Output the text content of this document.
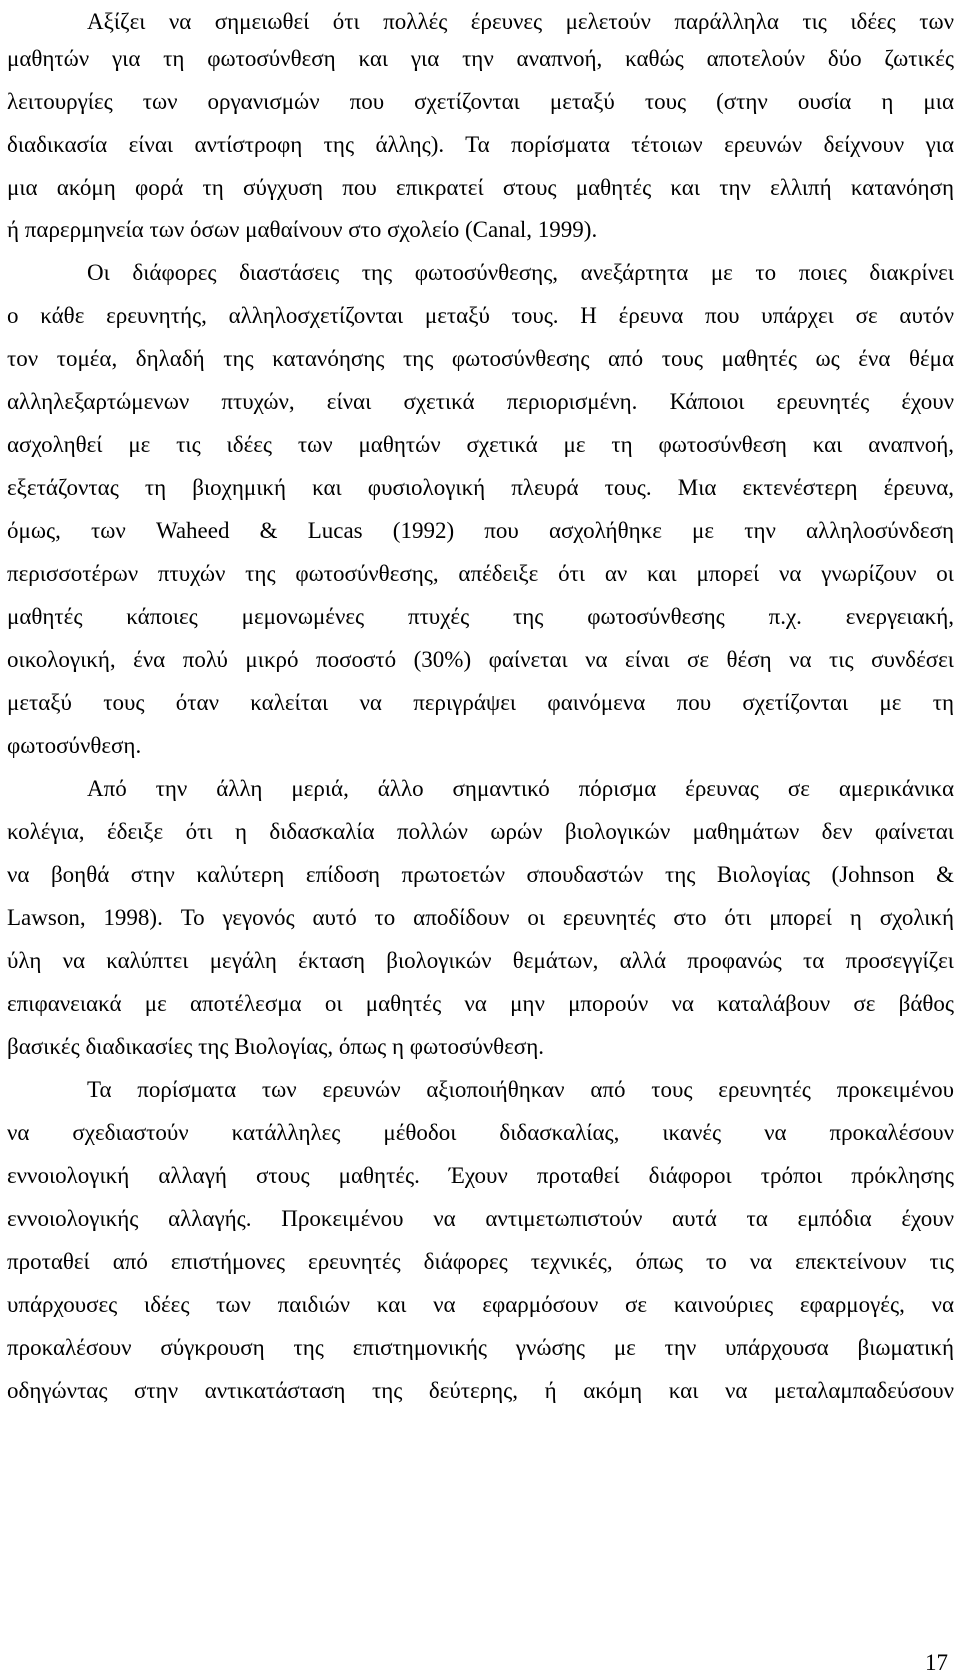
Αξίζει να σημειωθεί ότι πολλές έρευνες μελετούν παράλληλα τις ιδέες των
μαθητών για τη φωτοσύνθεση και για την αναπνοή, καθώς αποτελούν δύο ζωτικές
λειτουργίες των οργανισμών που σχετίζονται μεταξύ τους (στην ουσία η μια
διαδικασία είναι αντίστροφη της άλλης). Τα πορίσματα τέτοιων ερευνών δείχνουν για
μια ακόμη φορά τη σύγχυση που επικρατεί στους μαθητές και την ελλιπή κατανόηση
ή παρερμηνεία των όσων μαθαίνουν στο σχολείο (Canal, 1999).
Οι διάφορες διαστάσεις της φωτοσύνθεσης, ανεξάρτητα με το ποιες διακρίνει
ο κάθε ερευνητής, αλληλοσχετίζονται μεταξύ τους. Η έρευνα που υπάρχει σε αυτόν
τον τομέα, δηλαδή της κατανόησης της φωτοσύνθεσης από τους μαθητές ως ένα θέμα
αλληλεξαρτώμενων πτυχών, είναι σχετικά περιορισμένη. Κάποιοι ερευνητές έχουν
ασχοληθεί με τις ιδέες των μαθητών σχετικά με τη φωτοσύνθεση και αναπνοή,
εξετάζοντας τη βιοχημική και φυσιολογική πλευρά τους. Μια εκτενέστερη έρευνα,
όμως, των Waheed & Lucas (1992) που ασχολήθηκε με την αλληλοσύνδεση
περισσοτέρων πτυχών της φωτοσύνθεσης, απέδειξε ότι αν και μπορεί να γνωρίζουν οι
μαθητές κάποιες μεμονωμένες πτυχές της φωτοσύνθεσης π.χ. ενεργειακή,
οικολογική, ένα πολύ μικρό ποσοστό (30%) φαίνεται να είναι σε θέση να τις συνδέσει
μεταξύ τους όταν καλείται να περιγράψει φαινόμενα που σχετίζονται με τη
φωτοσύνθεση.
Από την άλλη μεριά, άλλο σημαντικό πόρισμα έρευνας σε αμερικάνικα
κολέγια, έδειξε ότι η διδασκαλία πολλών ωρών βιολογικών μαθημάτων δεν φαίνεται
να βοηθά στην καλύτερη επίδοση πρωτοετών σπουδαστών της Βιολογίας (Johnson &
Lawson, 1998). Το γεγονός αυτό το αποδίδουν οι ερευνητές στο ότι μπορεί η σχολική
ύλη να καλύπτει μεγάλη έκταση βιολογικών θεμάτων, αλλά προφανώς τα προσεγγίζει
επιφανειακά με αποτέλεσμα οι μαθητές να μην μπορούν να καταλάβουν σε βάθος
βασικές διαδικασίες της Βιολογίας, όπως η φωτοσύνθεση.
Τα πορίσματα των ερευνών αξιοποιήθηκαν από τους ερευνητές προκειμένου
να σχεδιαστούν κατάλληλες μέθοδοι διδασκαλίας, ικανές να προκαλέσουν
εννοιολογική αλλαγή στους μαθητές. Έχουν προταθεί διάφοροι τρόποι πρόκλησης
εννοιολογικής αλλαγής. Προκειμένου να αντιμετωπιστούν αυτά τα εμπόδια έχουν
προταθεί από επιστήμονες ερευνητές διάφορες τεχνικές, όπως το να επεκτείνουν τις
υπάρχουσες ιδέες των παιδιών και να εφαρμόσουν σε καινούριες εφαρμογές, να
προκαλέσουν σύγκρουση της επιστημονικής γνώσης με την υπάρχουσα βιωματική
οδηγώντας στην αντικατάσταση της δεύτερης, ή ακόμη και να μεταλαμπαδεύσουν
17
